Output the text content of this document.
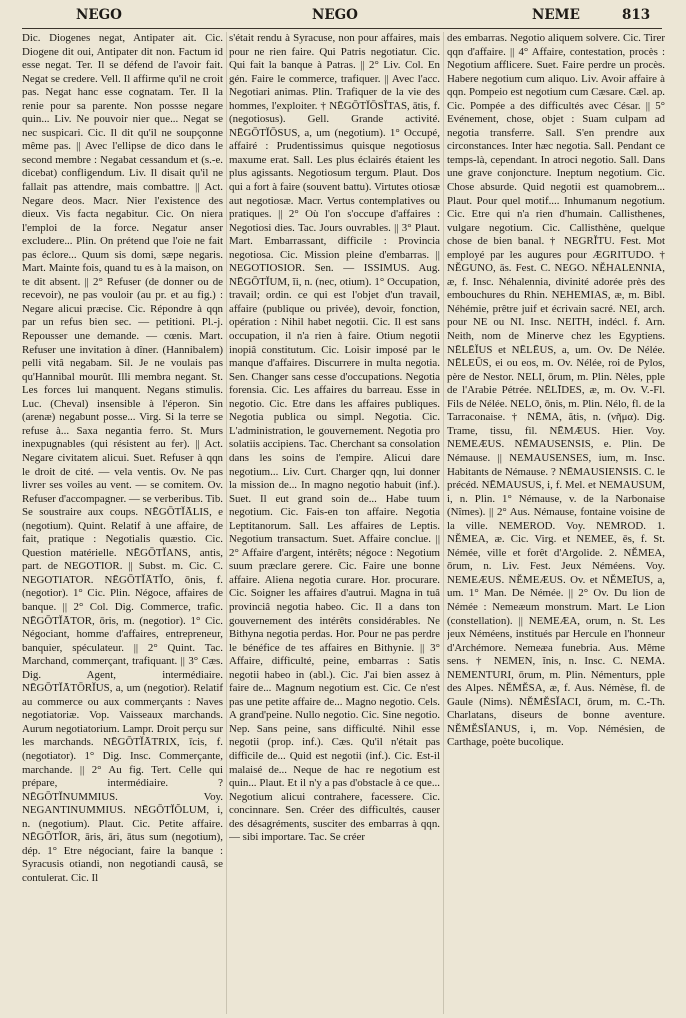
NEGO	NEGO	NEME	813

Dic. Diogenes negat, Antipater ait. Cic. Diogene dit oui, Antipater dit non. Factum id esse negat. Ter. Il se défend de l'avoir fait. Negat se credere. Vell. Il affirme qu'il ne croit pas. Negat hanc esse cognatam. Ter. Il la renie pour sa parente. Non possse negare quin... Liv. Ne pouvoir nier que... Negat se nec suspicari. Cic. Il dit qu'il ne soupçonne même pas. || Avec l'ellipse de dico dans le second membre : Negabat cessandum et (s.-e. dicebat) confligendum. Liv. Il disait qu'il ne fallait pas attendre, mais combattre. || Act. Negare deos. Macr. Nier l'existence des dieux. Vis facta negabitur. Cic. On niera l'emploi de la force. Negatur anser excludere... Plin. On prétend que l'oie ne fait pas éclore... Quum sis domi, sæpe negaris. Mart. Mainte fois, quand tu es à la maison, on te dit absent. || 2° Refuser (de donner ou de recevoir), ne pas vouloir (au pr. et au fig.) : Negare alicui præcise. Cic. Répondre à qqn par un refus bien sec. — petitioni. Pl.-j. Repousser une demande. — cœnis. Mart. Refuser une invitation à dîner. (Hannibalem) pelli vitâ negabam. Sil. Je ne voulais pas qu'Hannibal mourût. Illi membra negant. St. Les forces lui manquent. Negans stimulis. Luc. (Cheval) insensible à l'éperon. Sin (arenæ) negabunt posse... Virg. Si la terre se refuse à... Saxa negantia ferro. St. Murs inexpugnables (qui résistent au fer). || Act. Negare civitatem alicui. Suet. Refuser à qqn le droit de cité. — vela ventis. Ov. Ne pas livrer ses voiles au vent. — se comitem. Ov. Refuser d'accompagner. — se verberibus. Tib. Se soustraire aux coups. NĒGŌTĬĀLIS, e (negotium). Quint. Relatif à une affaire, de fait, pratique : Negotialis quæstio. Cic. Question matérielle. NĒGŌTĬANS, antis, part. de NEGOTIOR. || Subst. m. Cic. C. NEGOTIATOR. NĒGŌTĬĀTĬO, ōnis, f. (negotior). 1° Cic. Plin. Négoce, affaires de banque. || 2° Col. Dig. Commerce, trafic. NĒGŌTĬĀTOR, ōris, m. (negotior). 1° Cic. Négociant, homme d'affaires, entrepreneur, banquier, spéculateur. || 2° Quint. Tac. Marchand, commerçant, trafiquant. || 3° Cæs. Dig. Agent, intermédiaire. NĒGŌTĬĀTŌRĬUS, a, um (negotior). Relatif au commerce ou aux commerçants : Naves negotiatoriæ. Vop. Vaisseaux marchands. Aurum negotiatorium. Lampr. Droit perçu sur les marchands. NĒGŌTĬĀTRIX, īcis, f. (negotiator). 1° Dig. Insc. Commerçante, marchande. || 2° Au fig. Tert. Celle qui prépare, intermédiaire. ? NĒGŌTĬNUMMIUS. Voy. NEGANTINUMMIUS. NĒGŌTĬŎLUM, i, n. (negotium). Plaut. Cic. Petite affaire. NĒGŌTĬOR, āris, āri, ātus sum (negotium), dép. 1° Etre négociant, faire la banque : Syracusis otiandi, non negotiandi causâ, se contulerat. Cic. Il

s'était rendu à Syracuse, non pour affaires, mais pour ne rien faire. Qui Patris negotiatur. Cic. Qui fait la banque à Patras. || 2° Liv. Col. En gén. Faire le commerce, trafiquer. || Avec l'acc. Negotiari animas. Plin. Trafiquer de la vie des hommes, l'exploiter. † NĒGŌTĬŌSĬTAS, ātis, f. (negotiosus). Gell. Grande activité. NĒGŌTĬŌSUS, a, um (negotium). 1° Occupé, affairé : Prudentissimus quisque negotiosus maxume erat. Sall. Les plus éclairés étaient les plus agissants. Negotiosum tergum. Plaut. Dos qui a fort à faire (souvent battu). Virtutes otiosæ aut negotiosæ. Macr. Vertus contemplatives ou pratiques. || 2° Où l'on s'occupe d'affaires : Negotiosi dies. Tac. Jours ouvrables. || 3° Plaut. Mart. Embarrassant, difficile : Provincia negotiosa. Cic. Mission pleine d'embarras. || NEGOTIOSIOR. Sen. — ISSIMUS. Aug. NĒGŌTĬUM, ĭi, n. (nec, otium). 1° Occupation, travail; ordin. ce qui est l'objet d'un travail, affaire (publique ou privée), devoir, fonction, opération : Nihil habet negotii. Cic. Il est sans occupation, il n'a rien à faire. Otium negotii inopiâ constitutum. Cic. Loisir imposé par le manque d'affaires. Discurrere in multa negotia. Sen. Changer sans cesse d'occupations. Negotia forensia. Cic. Les affaires du barreau. Esse in negotio. Cic. Etre dans les affaires publiques. Negotia publica ou simpl. Negotia. Cic. L'administration, le gouvernement. Negotia pro solatiis accipiens. Tac. Cherchant sa consolation dans les soins de l'empire. Alicui dare negotium... Liv. Curt. Charger qqn, lui donner la mission de... In magno negotio habuit (inf.). Suet. Il eut grand soin de... Habe tuum negotium. Cic. Fais-en ton affaire. Negotia Leptitanorum. Sall. Les affaires de Leptis. Negotium transactum. Suet. Affaire conclue. || 2° Affaire d'argent, intérêts; négoce : Negotium suum præclare gerere. Cic. Faire une bonne affaire. Aliena negotia curare. Hor. procurare. Cic. Soigner les affaires d'autrui. Magna in tuâ provinciâ negotia habeo. Cic. Il a dans ton gouvernement des intérêts considérables. Ne Bithyna negotia perdas. Hor. Pour ne pas perdre le bénéfice de tes affaires en Bithynie. || 3° Affaire, difficulté, peine, embarras : Satis negotii habeo in (abl.). Cic. J'ai bien assez à faire de... Magnum negotium est. Cic. Ce n'est pas une petite affaire de... Magno negotio. Cels. A grand'peine. Nullo negotio. Cic. Sine negotio. Nep. Sans peine, sans difficulté. Nihil esse negotii (prop. inf.). Cæs. Qu'il n'était pas difficile de... Quid est negotii (inf.). Cic. Est-il malaisé de... Neque de hac re negotium est quin... Plaut. Et il n'y a pas d'obstacle à ce que... Negotium alicui contrahere, facessere. Cic. concinnare. Sen. Créer des difficultés, causer des désagréments, susciter des embarras à qqn. — sibi importare. Tac. Se créer

des embarras. Negotio aliquem solvere. Cic. Tirer qqn d'affaire. || 4° Affaire, contestation, procès : Negotium afflicere. Suet. Faire perdre un procès. Habere negotium cum aliquo. Liv. Avoir affaire à qqn. Pompeio est negotium cum Cæsare. Cæl. ap. Cic. Pompée a des difficultés avec César. || 5° Evénement, chose, objet : Suam culpam ad negotia transferre. Sall. S'en prendre aux circonstances. Inter hæc negotia. Sall. Pendant ce temps-là, cependant. In atroci negotio. Sall. Dans une grave conjoncture. Ineptum negotium. Cic. Chose absurde. Quid negotii est quamobrem... Plaut. Pour quel motif.... Inhumanum negotium. Cic. Etre qui n'a rien d'humain. Callisthenes, vulgare negotium. Cic. Callisthène, quelque chose de bien banal. † NEGRĬTU. Fest. Mot employé par les augures pour ÆGRITUDO. † NĔGUNO, ās. Fest. C. NEGO. NĔHALENNIA, æ, f. Insc. Néhalennia, divinité adorée près des embouchures du Rhin. NEHEMIAS, æ, m. Bibl. Néhémie, prêtre juif et écrivain sacré. NEI, arch. pour NE ou NI. Insc. NEITH, indécl. f. Arn. Neith, nom de Minerve chez les Egyptiens. NĒLĒĬUS et NĒLĒUS, a, um. Ov. De Nélée. NĒLEŪS, ei ou eos, m. Ov. Nélée, roi de Pylos, père de Nestor. NELI, ōrum, m. Plin. Nèles, pple de l'Arabie Pétrée. NĒLĪDES, æ, m. Ov. V.-Fl. Fils de Nélée. NELO, ōnis, m. Plin. Nélo, fl. de la Tarraconaise. † NĒMA, ătis, n. (νῆμα). Dig. Trame, tissu, fil. NĒMÆUS. Hier. Voy. NEMEÆUS. NĒMAUSENSIS, e. Plin. De Némause. || NEMAUSENSES, ium, m. Insc. Habitants de Némause. ? NĒMAUSIENSIS. C. le précéd. NĒMAUSUS, i, f. Mel. et NEMAUSUM, i, n. Plin. 1° Némause, v. de la Narbonaise (Nîmes). || 2° Aus. Némause, fontaine voisine de la ville. NEMEROD. Voy. NEMROD. 1. NĔMEA, æ. Cic. Virg. et NEMEE, ēs, f. St. Némée, ville et forêt d'Argolide. 2. NĔMEA, ōrum, n. Liv. Fest. Jeux Néméens. Voy. NEMEÆUS. NĔMEÆUS. Ov. et NĔMEĪUS, a, um. 1° Man. De Némée. || 2° Ov. Du lion de Némée : Nemeæum monstrum. Mart. Le Lion (constellation). || NEMEÆA, orum, n. St. Les jeux Néméens, institués par Hercule en l'honneur d'Archémore. Nemeæa funebria. Aus. Même sens. † NEMEN, ĭnis, n. Insc. C. NEMA. NEMENTURI, ōrum, m. Plin. Némenturs, pple des Alpes. NĔMĔSA, æ, f. Aus. Némèse, fl. de Gaule (Nims). NĔMĔSĬACI, ōrum, m. C.-Th. Charlatans, diseurs de bonne aventure. NĔMĔSĬANUS, i, m. Vop. Némésien, de Carthage, poète bucolique.
